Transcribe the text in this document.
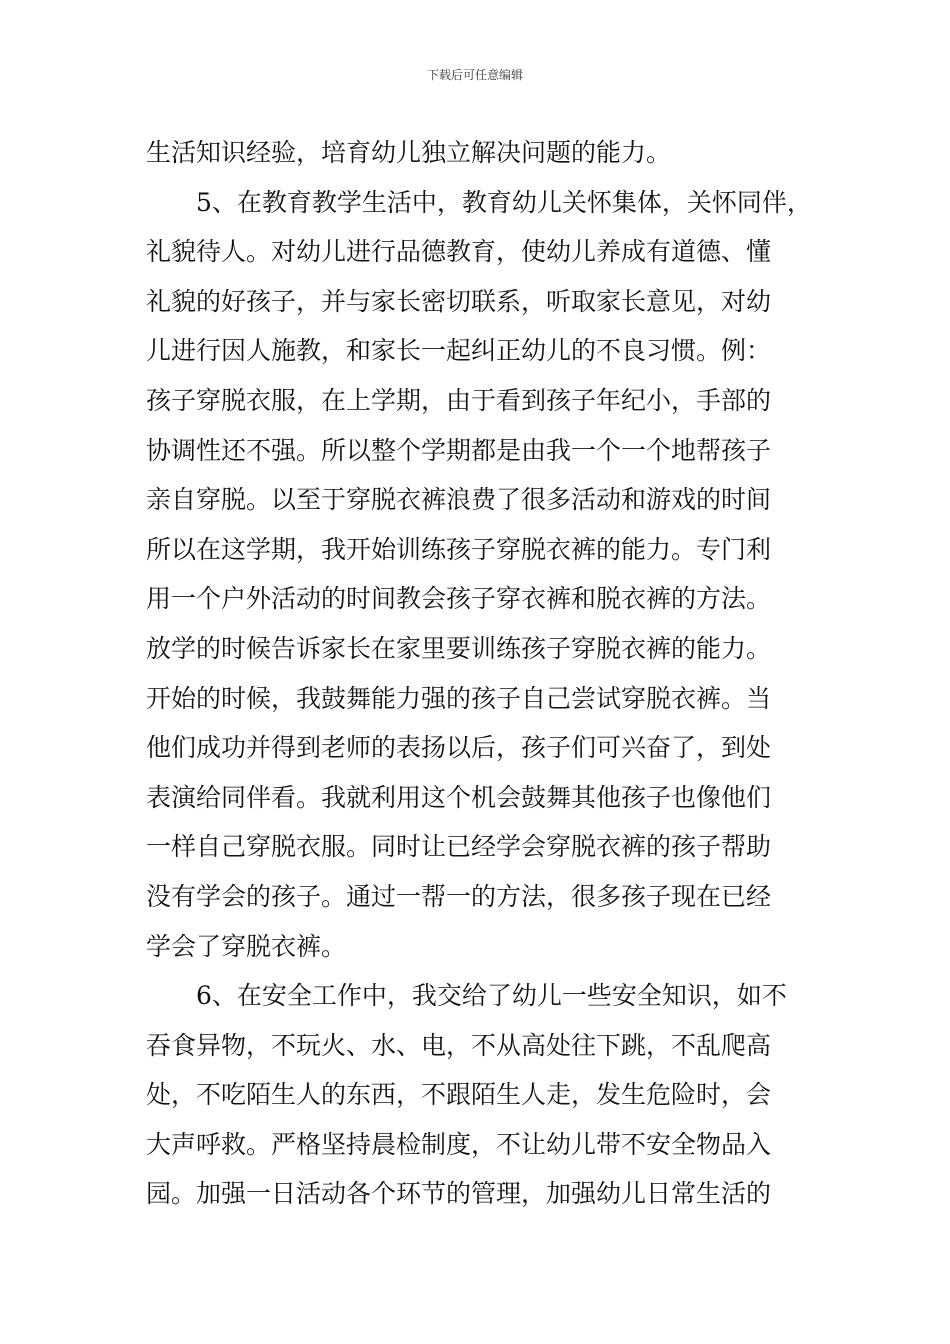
下载后可任意编辑
生活知识经验，培育幼儿独立解决问题的能力。
5、在教育教学生活中，教育幼儿关怀集体，关怀同伴，
礼貌待人。对幼儿进行品德教育，使幼儿养成有道德、懂
礼貌的好孩子，并与家长密切联系，听取家长意见，对幼
儿进行因人施教，和家长一起纠正幼儿的不良习惯。例：
孩子穿脱衣服，在上学期，由于看到孩子年纪小，手部的
协调性还不强。所以整个学期都是由我一个一个地帮孩子
亲自穿脱。以至于穿脱衣裤浪费了很多活动和游戏的时间
所以在这学期，我开始训练孩子穿脱衣裤的能力。专门利
用一个户外活动的时间教会孩子穿衣裤和脱衣裤的方法。
放学的时候告诉家长在家里要训练孩子穿脱衣裤的能力。
开始的时候，我鼓舞能力强的孩子自己尝试穿脱衣裤。当
他们成功并得到老师的表扬以后，孩子们可兴奋了，到处
表演给同伴看。我就利用这个机会鼓舞其他孩子也像他们
一样自己穿脱衣服。同时让已经学会穿脱衣裤的孩子帮助
没有学会的孩子。通过一帮一的方法，很多孩子现在已经
学会了穿脱衣裤。
6、在安全工作中，我交给了幼儿一些安全知识，如不
吞食异物，不玩火、水、电，不从高处往下跳，不乱爬高
处，不吃陌生人的东西，不跟陌生人走，发生危险时，会
大声呼救。严格坚持晨检制度，不让幼儿带不安全物品入
园。加强一日活动各个环节的管理，加强幼儿日常生活的
